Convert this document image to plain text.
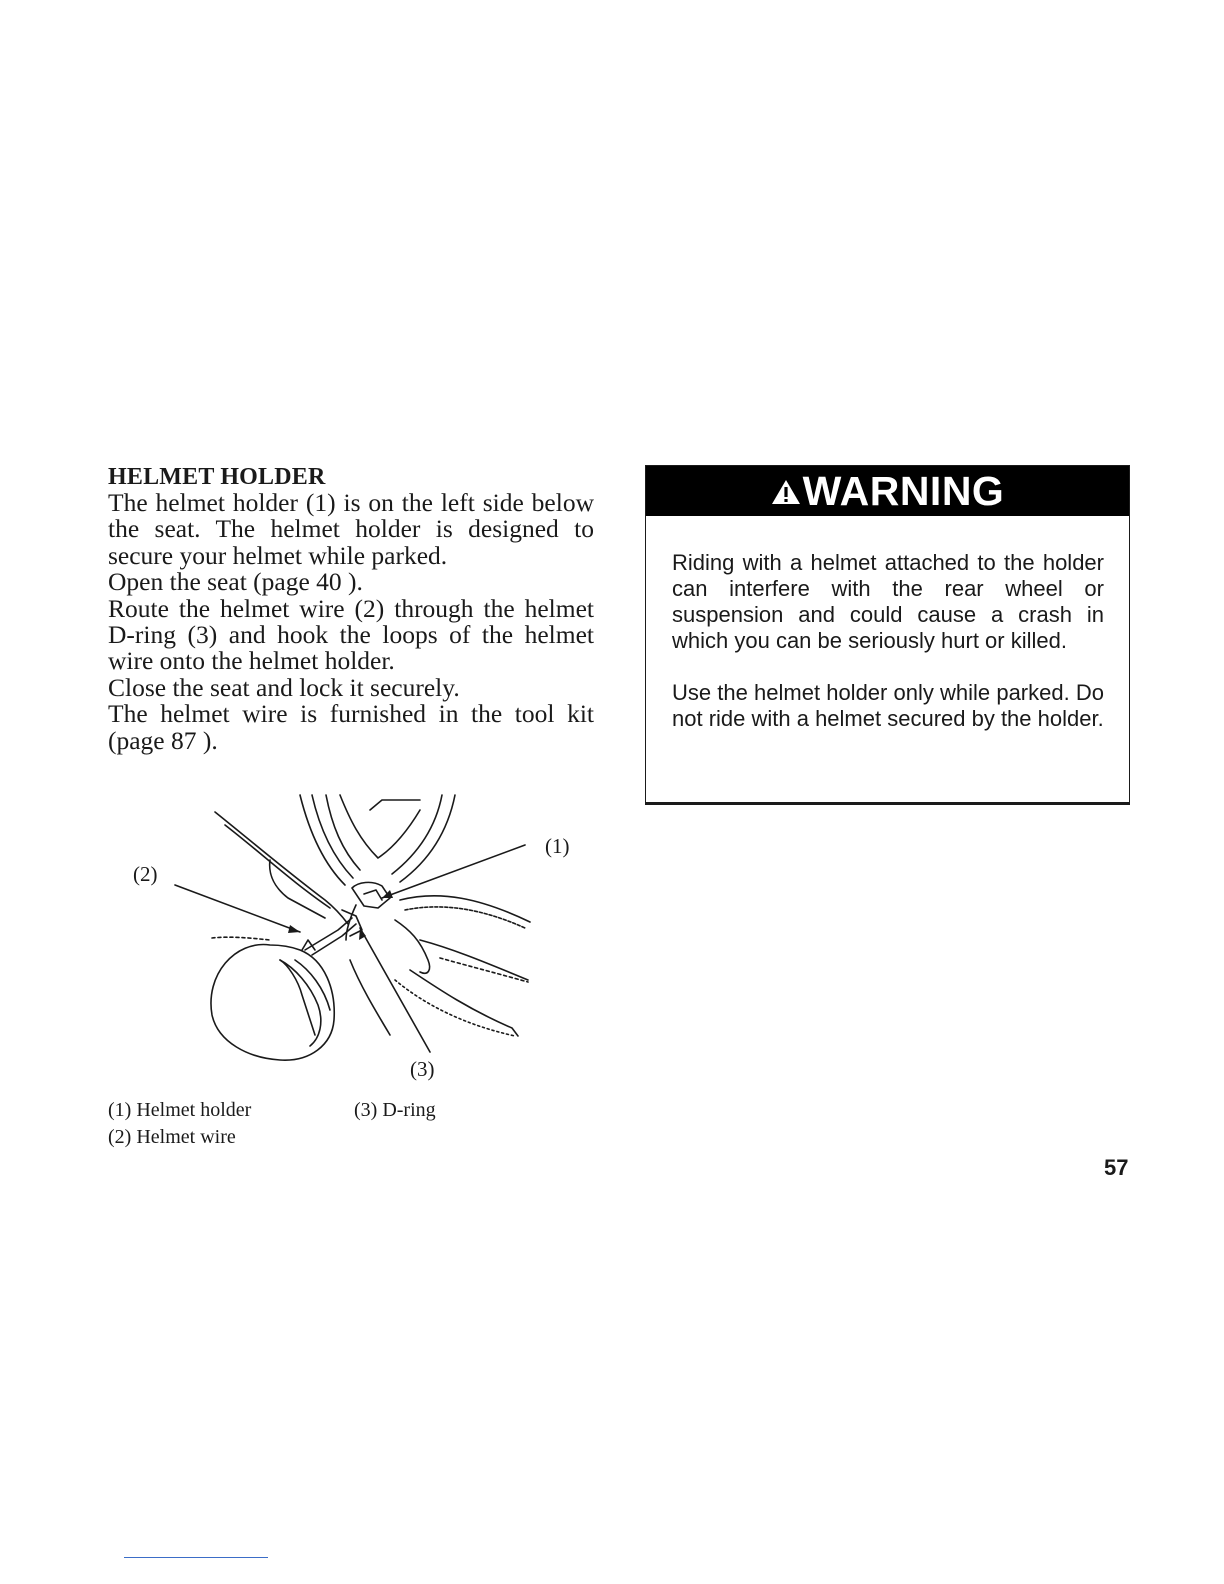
HELMET HOLDER

The helmet holder (1) is on the left side below the seat. The helmet holder is designed to secure your helmet while parked.

Open the seat (page 40 ).

Route the helmet wire (2) through the helmet D-ring (3) and hook the loops of the helmet wire onto the helmet holder.

Close the seat and lock it securely.

The helmet wire is furnished in the tool kit (page 87 ).

(1)
(2)
(3)
(1) Helmet holder
(2) Helmet wire
(3) D-ring
WARNING

Riding with a helmet attached to the holder can interfere with the rear wheel or suspension and could cause a crash in which you can be seriously hurt or killed.

Use the helmet holder only while parked. Do not ride with a helmet secured by the holder.

57
